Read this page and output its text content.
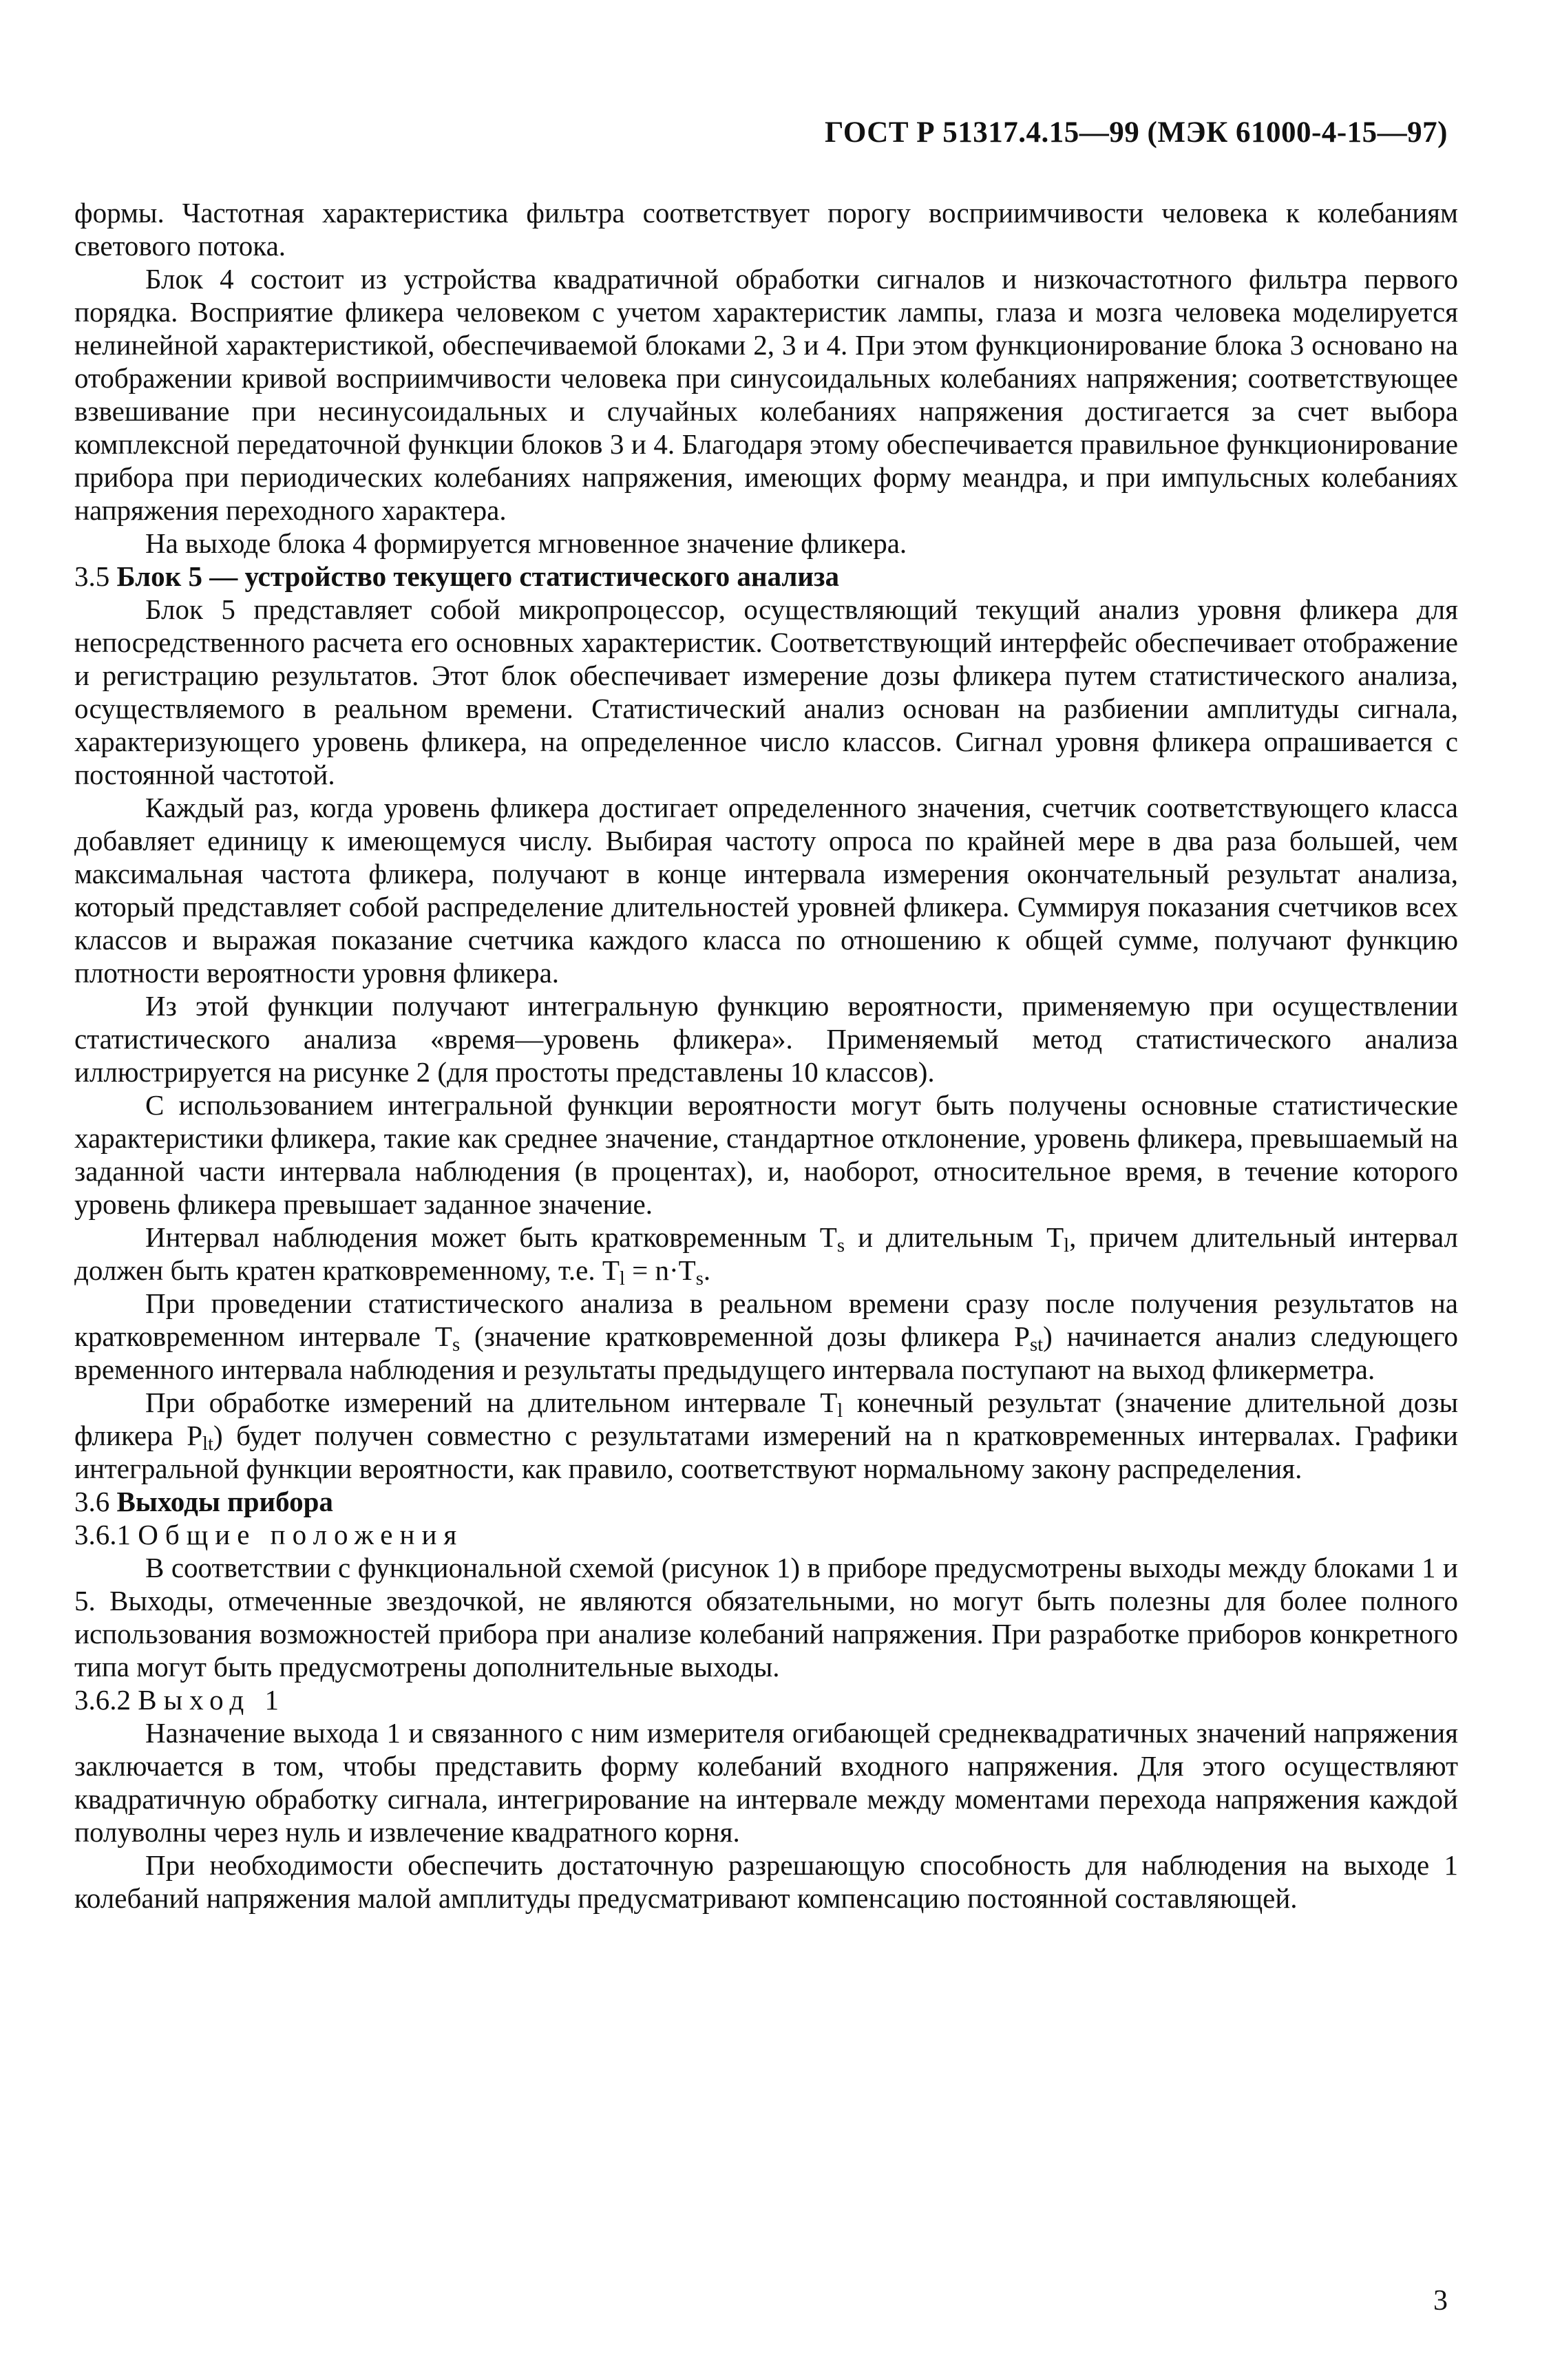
ГОСТ Р 51317.4.15—99 (МЭК 61000-4-15—97)

формы. Частотная характеристика фильтра соответствует порогу восприимчивости человека к колебаниям светового потока.

Блок 4 состоит из устройства квадратичной обработки сигналов и низкочастотного фильтра первого порядка. Восприятие фликера человеком с учетом характеристик лампы, глаза и мозга человека моделируется нелинейной характеристикой, обеспечиваемой блоками 2, 3 и 4. При этом функционирование блока 3 основано на отображении кривой восприимчивости человека при синусоидальных колебаниях напряжения; соответствующее взвешивание при несинусоидальных и случайных колебаниях напряжения достигается за счет выбора комплексной передаточной функции блоков 3 и 4. Благодаря этому обеспечивается правильное функционирование прибора при периодических колебаниях напряжения, имеющих форму меандра, и при импульсных колебаниях напряжения переходного характера.

На выходе блока 4 формируется мгновенное значение фликера.

3.5 Блок 5 — устройство текущего статистического анализа

Блок 5 представляет собой микропроцессор, осуществляющий текущий анализ уровня фликера для непосредственного расчета его основных характеристик. Соответствующий интерфейс обеспечивает отображение и регистрацию результатов. Этот блок обеспечивает измерение дозы фликера путем статистического анализа, осуществляемого в реальном времени. Статистический анализ основан на разбиении амплитуды сигнала, характеризующего уровень фликера, на определенное число классов. Сигнал уровня фликера опрашивается с постоянной частотой.

Каждый раз, когда уровень фликера достигает определенного значения, счетчик соответствующего класса добавляет единицу к имеющемуся числу. Выбирая частоту опроса по крайней мере в два раза большей, чем максимальная частота фликера, получают в конце интервала измерения окончательный результат анализа, который представляет собой распределение длительностей уровней фликера. Суммируя показания счетчиков всех классов и выражая показание счетчика каждого класса по отношению к общей сумме, получают функцию плотности вероятности уровня фликера.

Из этой функции получают интегральную функцию вероятности, применяемую при осуществлении статистического анализа «время—уровень фликера». Применяемый метод статистического анализа иллюстрируется на рисунке 2 (для простоты представлены 10 классов).

С использованием интегральной функции вероятности могут быть получены основные статистические характеристики фликера, такие как среднее значение, стандартное отклонение, уровень фликера, превышаемый на заданной части интервала наблюдения (в процентах), и, наоборот, относительное время, в течение которого уровень фликера превышает заданное значение.

Интервал наблюдения может быть кратковременным $T_s$ и длительным $T_l$, причем длительный интервал должен быть кратен кратковременному, т.е. $T_l = n\cdot T_s$.

При проведении статистического анализа в реальном времени сразу после получения результатов на кратковременном интервале $T_s$ (значение кратковременной дозы фликера $P_{st}$) начинается анализ следующего временного интервала наблюдения и результаты предыдущего интервала поступают на выход фликерметра.

При обработке измерений на длительном интервале $T_l$ конечный результат (значение длительной дозы фликера $P_{lt}$) будет получен совместно с результатами измерений на n кратковременных интервалах. Графики интегральной функции вероятности, как правило, соответствуют нормальному закону распределения.

3.6 Выходы прибора

3.6.1 Общие положения

В соответствии с функциональной схемой (рисунок 1) в приборе предусмотрены выходы между блоками 1 и 5. Выходы, отмеченные звездочкой, не являются обязательными, но могут быть полезны для более полного использования возможностей прибора при анализе колебаний напряжения. При разработке приборов конкретного типа могут быть предусмотрены дополнительные выходы.

3.6.2 Выход 1

Назначение выхода 1 и связанного с ним измерителя огибающей среднеквадратичных значений напряжения заключается в том, чтобы представить форму колебаний входного напряжения. Для этого осуществляют квадратичную обработку сигнала, интегрирование на интервале между моментами перехода напряжения каждой полуволны через нуль и извлечение квадратного корня.

При необходимости обеспечить достаточную разрешающую способность для наблюдения на выходе 1 колебаний напряжения малой амплитуды предусматривают компенсацию постоянной составляющей.

3
